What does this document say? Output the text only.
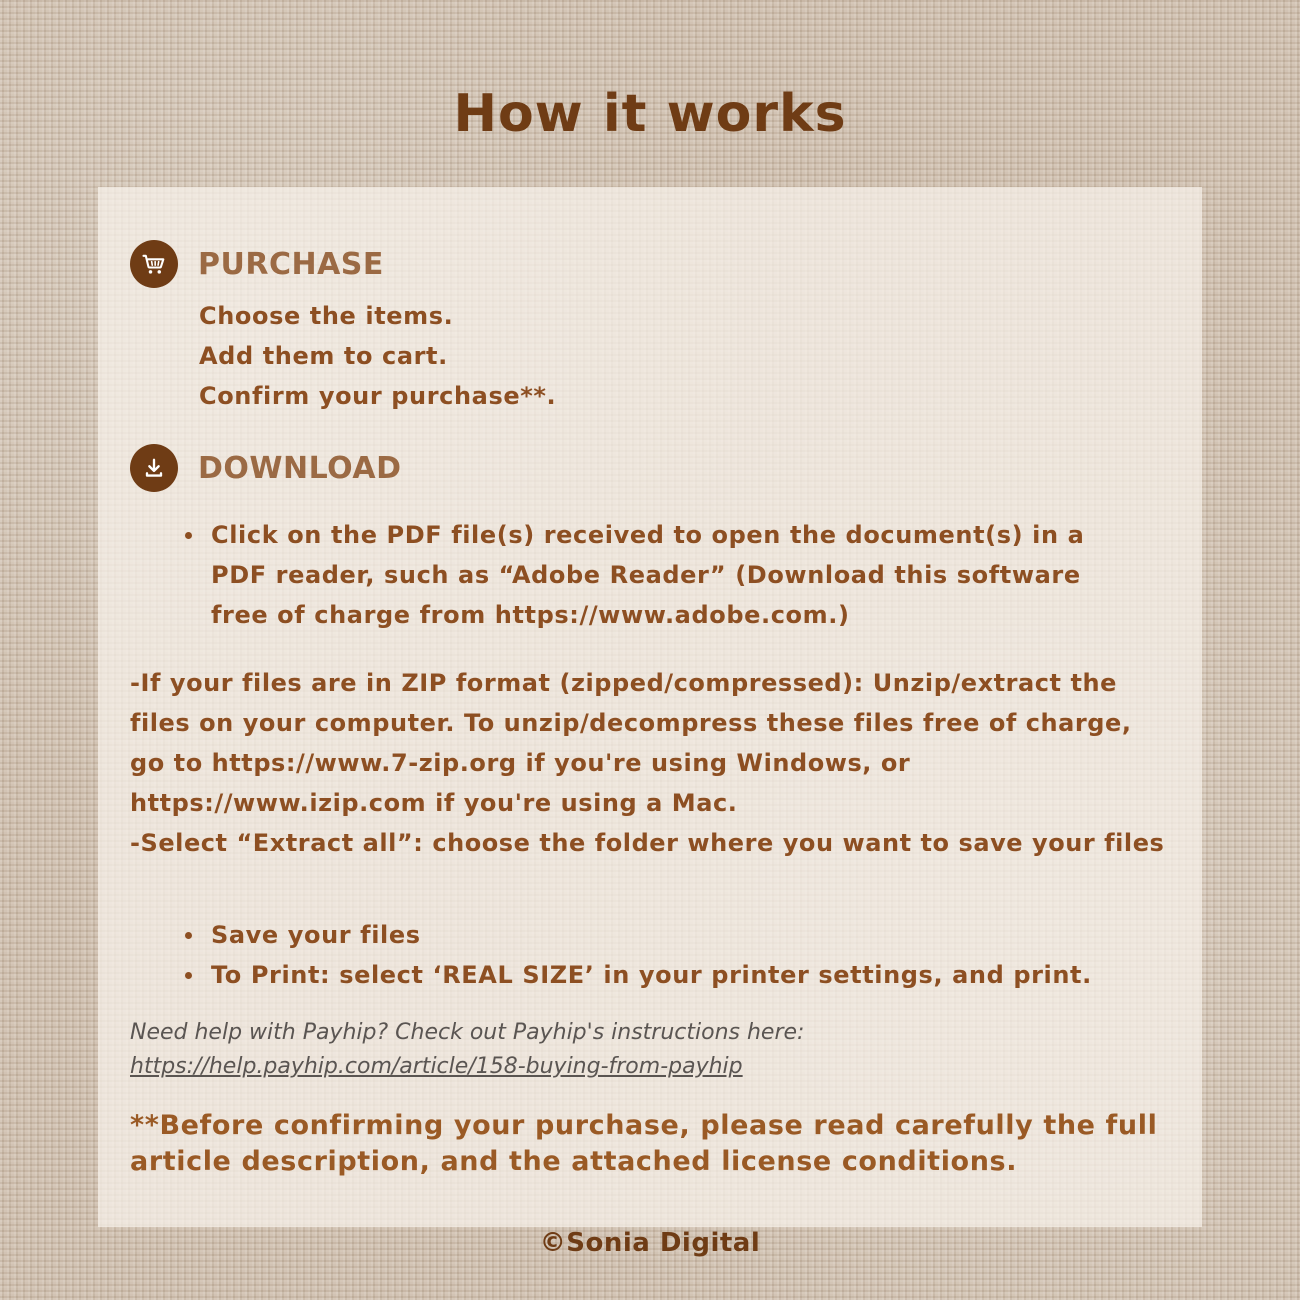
How it works
PURCHASE
Choose the items.
Add them to cart.
Confirm your purchase**.
DOWNLOAD
Click on the PDF file(s) received to open the document(s) in a PDF reader, such as “Adobe Reader” (Download this software free of charge from https://www.adobe.com.)

-If your files are in ZIP format (zipped/compressed): Unzip/extract the files on your computer. To unzip/decompress these files free of charge, go to https://www.7-zip.org if you're using Windows, or https://www.izip.com if you're using a Mac.

-Select “Extract all”: choose the folder where you want to save your files

Save your files
To Print: select ‘REAL SIZE’ in your printer settings, and print.

Need help with Payhip? Check out Payhip's instructions here:
https://help.payhip.com/article/158-buying-from-payhip

**Before confirming your purchase, please read carefully the full article description, and the attached license conditions.

©Sonia Digital
